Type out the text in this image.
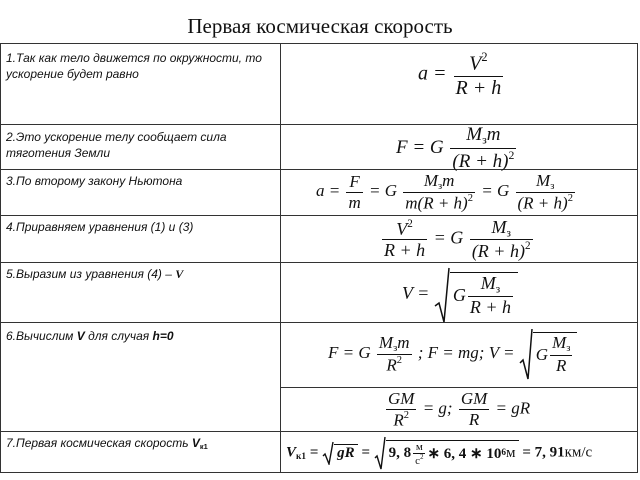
Первая космическая скорость
1.Так как тело движется по окружности, то ускорение будет равно
2.Это ускорение телу сообщает сила тяготения Земли
3.По второму закону Ньютона
4.Приравняем уравнения (1) и (3)
5.Выразим из уравнения (4) – V
6.Вычислим V для случая h=0
7.Первая космическая скорость $V_{к1}$
$a = \frac{V^2}{R + h}$
F = G
$M_зm$
$(R + h)^2$
$a = \frac{F}{m} = G$
$M_зm$
$m(R + h)^2 = G$
$M_з$
$(R + h)^2$
$\frac{V^2}{R + h} = G$
$M_з$
$(R + h)^2$
V = G
$M_з$
R + h
F = G
$M_зm$
$R^2$ ; F = mg; V = G
$M_з$
R
$\frac{GM}{R^2} = g$; $\frac{GM}{R}$ = gR
$V_{к1}$ = gR = 9, 8 м
$с^2$ ∗ 6, 4 ∗ 10 6 м = 7, 91км/с
